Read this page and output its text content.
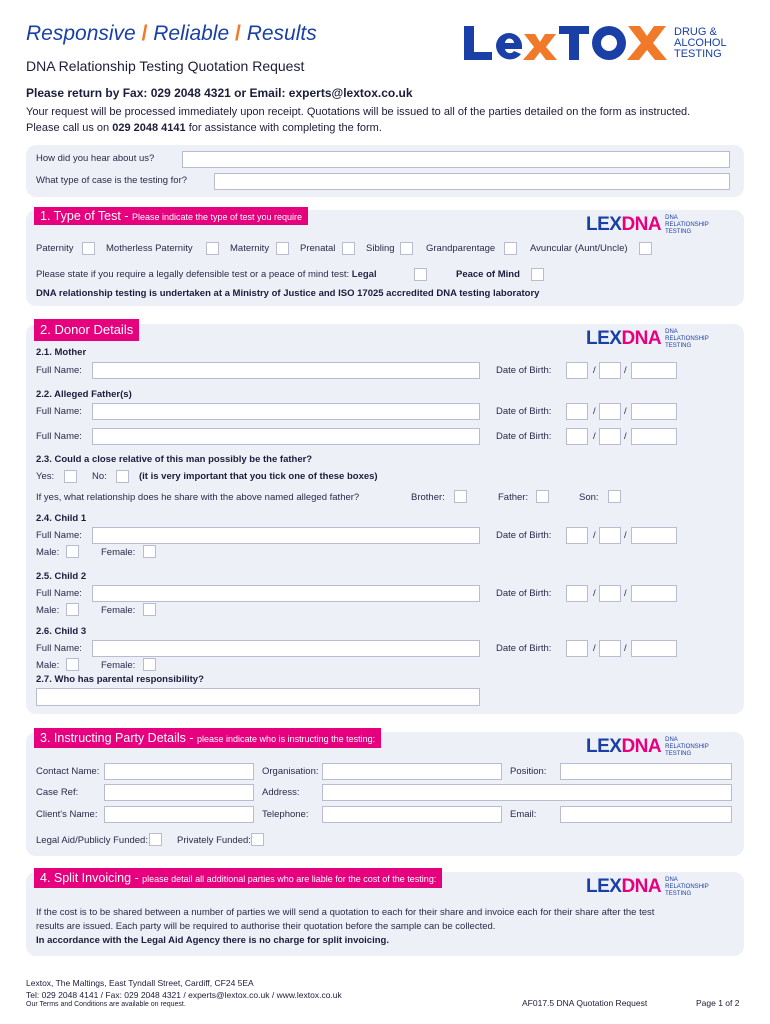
Responsive / Reliable / Results	DRUG &
ALCOHOL
TESTING
DNA Relationship Testing Quotation Request
Please return by Fax: 029 2048 4321 or Email: experts@lextox.co.uk
Your request will be processed immediately upon receipt. Quotations will be issued to all of the parties detailed on the form as instructed.
Please call us on 029 2048 4141 for assistance with completing the form.
How did you hear about us?
What type of case is the testing for?
1. Type of Test - Please indicate the type of test you require	LEXDNA DNA RELATIONSHIP TESTING
Paternity	Motherless Paternity	Maternity	Prenatal	Sibling	Grandparentage	Avuncular (Aunt/Uncle)
Please state if you require a legally defensible test or a peace of mind test: Legal	Peace of Mind
DNA relationship testing is undertaken at a Ministry of Justice and ISO 17025 accredited DNA testing laboratory
2. Donor Details	LEXDNA DNA RELATIONSHIP TESTING
2.1. Mother
Full Name:	Date of Birth:	/	/
2.2. Alleged Father(s)
Full Name:	Date of Birth:	/	/
Full Name:	Date of Birth:	/	/
2.3. Could a close relative of this man possibly be the father?
Yes:	No:	(it is very important that you tick one of these boxes)
If yes, what relationship does he share with the above named alleged father?	Brother:	Father:	Son:
2.4. Child 1
Full Name:	Date of Birth:	/	/
Male:	Female:
2.5. Child 2
Full Name:	Date of Birth:	/	/
Male:	Female:
2.6. Child 3
Full Name:	Date of Birth:	/	/
Male:	Female:
2.7. Who has parental responsibility?
3. Instructing Party Details - please indicate who is instructing the testing:	LEXDNA DNA RELATIONSHIP TESTING
Contact Name:	Organisation:	Position:
Case Ref:	Address:
Client's Name:	Telephone:	Email:
Legal Aid/Publicly Funded:	Privately Funded:
4. Split Invoicing - please detail all additional parties who are liable for the cost of the testing:	LEXDNA DNA RELATIONSHIP TESTING
If the cost is to be shared between a number of parties we will send a quotation to each for their share and invoice each for their share after the test
results are issued. Each party will be required to authorise their quotation before the sample can be collected.
In accordance with the Legal Aid Agency there is no charge for split invoicing.
Lextox, The Maltings, East Tyndall Street, Cardiff, CF24 5EA
Tel: 029 2048 4141 / Fax: 029 2048 4321 / experts@lextox.co.uk / www.lextox.co.uk
Our Terms and Conditions are available on request.	AF017.5 DNA Quotation Request	Page 1 of 2
